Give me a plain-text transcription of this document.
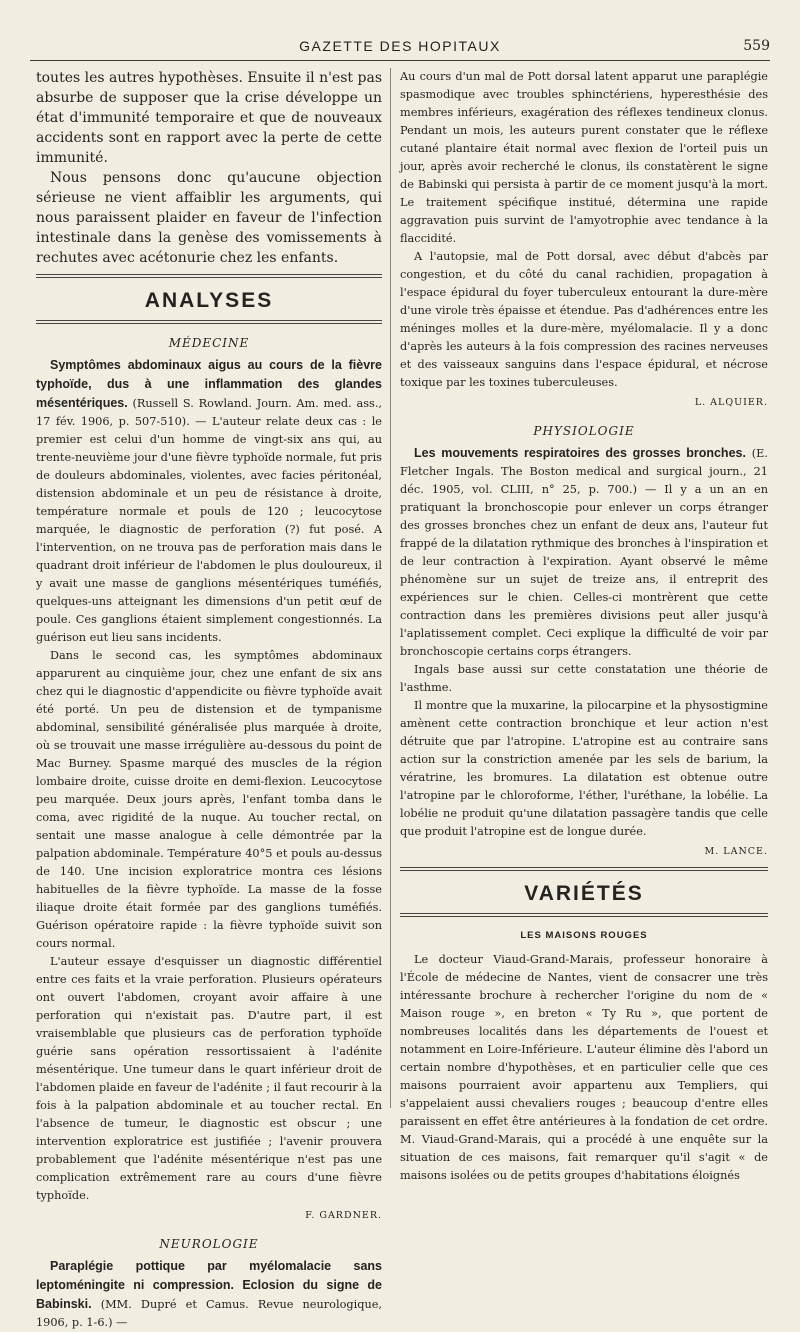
GAZETTE DES HOPITAUX	559

toutes les autres hypothèses. Ensuite il n'est pas absurbe de supposer que la crise développe un état d'immunité temporaire et que de nouveaux accidents sont en rapport avec la perte de cette immunité.

Nous pensons donc qu'aucune objection sérieuse ne vient affaiblir les arguments, qui nous paraissent plaider en faveur de l'infection intestinale dans la genèse des vomissements à rechutes avec acétonurie chez les enfants.

ANALYSES
MÉDECINE

Symptômes abdominaux aigus au cours de la fièvre typhoïde, dus à une inflammation des glandes mésentériques. (Russell S. Rowland. Journ. Am. med. ass., 17 fév. 1906, p. 507-510). — L'auteur relate deux cas : le premier est celui d'un homme de vingt-six ans qui, au trente-neuvième jour d'une fièvre typhoïde normale, fut pris de douleurs abdominales, violentes, avec facies péritonéal, distension abdominale et un peu de résistance à droite, température normale et pouls de 120 ; leucocytose marquée, le diagnostic de perforation (?) fut posé. A l'intervention, on ne trouva pas de perforation mais dans le quadrant droit inférieur de l'abdomen le plus douloureux, il y avait une masse de ganglions mésentériques tuméfiés, quelques-uns atteignant les dimensions d'un petit œuf de poule. Ces ganglions étaient simplement congestionnés. La guérison eut lieu sans incidents.

Dans le second cas, les symptômes abdominaux apparurent au cinquième jour, chez une enfant de six ans chez qui le diagnostic d'appendicite ou fièvre typhoïde avait été porté. Un peu de distension et de tympanisme abdominal, sensibilité généralisée plus marquée à droite, où se trouvait une masse irrégulière au-dessous du point de Mac Burney. Spasme marqué des muscles de la région lombaire droite, cuisse droite en demi-flexion. Leucocytose peu marquée. Deux jours après, l'enfant tomba dans le coma, avec rigidité de la nuque. Au toucher rectal, on sentait une masse analogue à celle démontrée par la palpation abdominale. Température 40°5 et pouls au-dessus de 140. Une incision exploratrice montra ces lésions habituelles de la fièvre typhoïde. La masse de la fosse iliaque droite était formée par des ganglions tuméfiés. Guérison opératoire rapide : la fièvre typhoïde suivit son cours normal.

L'auteur essaye d'esquisser un diagnostic différentiel entre ces faits et la vraie perforation. Plusieurs opérateurs ont ouvert l'abdomen, croyant avoir affaire à une perforation qui n'existait pas. D'autre part, il est vraisemblable que plusieurs cas de perforation typhoïde guérie sans opération ressortissaient à l'adénite mésentérique. Une tumeur dans le quart inférieur droit de l'abdomen plaide en faveur de l'adénite ; il faut recourir à la fois à la palpation abdominale et au toucher rectal. En l'absence de tumeur, le diagnostic est obscur ; une intervention exploratrice est justifiée ; l'avenir prouvera probablement que l'adénite mésentérique n'est pas une complication extrêmement rare au cours d'une fièvre typhoïde.

F. GARDNER.
NEUROLOGIE

Paraplégie pottique par myélomalacie sans leptoméningite ni compression. Eclosion du signe de Babinski. (MM. Dupré et Camus. Revue neurologique, 1906, p. 1-6.) —

Au cours d'un mal de Pott dorsal latent apparut une paraplégie spasmodique avec troubles sphinctériens, hyperesthésie des membres inférieurs, exagération des réflexes tendineux clonus. Pendant un mois, les auteurs purent constater que le réflexe cutané plantaire était normal avec flexion de l'orteil puis un jour, après avoir recherché le clonus, ils constatèrent le signe de Babinski qui persista à partir de ce moment jusqu'à la mort. Le traitement spécifique institué, détermina une rapide aggravation puis survint de l'amyotrophie avec tendance à la flaccidité.

A l'autopsie, mal de Pott dorsal, avec début d'abcès par congestion, et du côté du canal rachidien, propagation à l'espace épidural du foyer tuberculeux entourant la dure-mère d'une virole très épaisse et étendue. Pas d'adhérences entre les méninges molles et la dure-mère, myélomalacie. Il y a donc d'après les auteurs à la fois compression des racines nerveuses et des vaisseaux sanguins dans l'espace épidural, et nécrose toxique par les toxines tuberculeuses.

L. ALQUIER.
PHYSIOLOGIE

Les mouvements respiratoires des grosses bronches. (E. Fletcher Ingals. The Boston medical and surgical journ., 21 déc. 1905, vol. CLIII, n° 25, p. 700.) — Il y a un an en pratiquant la bronchoscopie pour enlever un corps étranger des grosses bronches chez un enfant de deux ans, l'auteur fut frappé de la dilatation rythmique des bronches à l'inspiration et de leur contraction à l'expiration. Ayant observé le même phénomène sur un sujet de treize ans, il entreprit des expériences sur le chien. Celles-ci montrèrent que cette contraction dans les premières divisions peut aller jusqu'à l'aplatissement complet. Ceci explique la difficulté de voir par bronchoscopie certains corps étrangers.

Ingals base aussi sur cette constatation une théorie de l'asthme.

Il montre que la muxarine, la pilocarpine et la physostigmine amènent cette contraction bronchique et leur action n'est détruite que par l'atropine. L'atropine est au contraire sans action sur la constriction amenée par les sels de barium, la vératrine, les bromures. La dilatation est obtenue outre l'atropine par le chloroforme, l'éther, l'uréthane, la lobélie. La lobélie ne produit qu'une dilatation passagère tandis que celle que produit l'atropine est de longue durée.

M. LANCE.
VARIÉTÉS
LES MAISONS ROUGES

Le docteur Viaud-Grand-Marais, professeur honoraire à l'École de médecine de Nantes, vient de consacrer une très intéressante brochure à rechercher l'origine du nom de « Maison rouge », en breton « Ty Ru », que portent de nombreuses localités dans les départements de l'ouest et notamment en Loire-Inférieure. L'auteur élimine dès l'abord un certain nombre d'hypothèses, et en particulier celle que ces maisons pourraient avoir appartenu aux Templiers, qui s'appelaient aussi chevaliers rouges ; beaucoup d'entre elles paraissent en effet être antérieures à la fondation de cet ordre. M. Viaud-Grand-Marais, qui a procédé à une enquête sur la situation de ces maisons, fait remarquer qu'il s'agit « de maisons isolées ou de petits groupes d'habitations éloignés
